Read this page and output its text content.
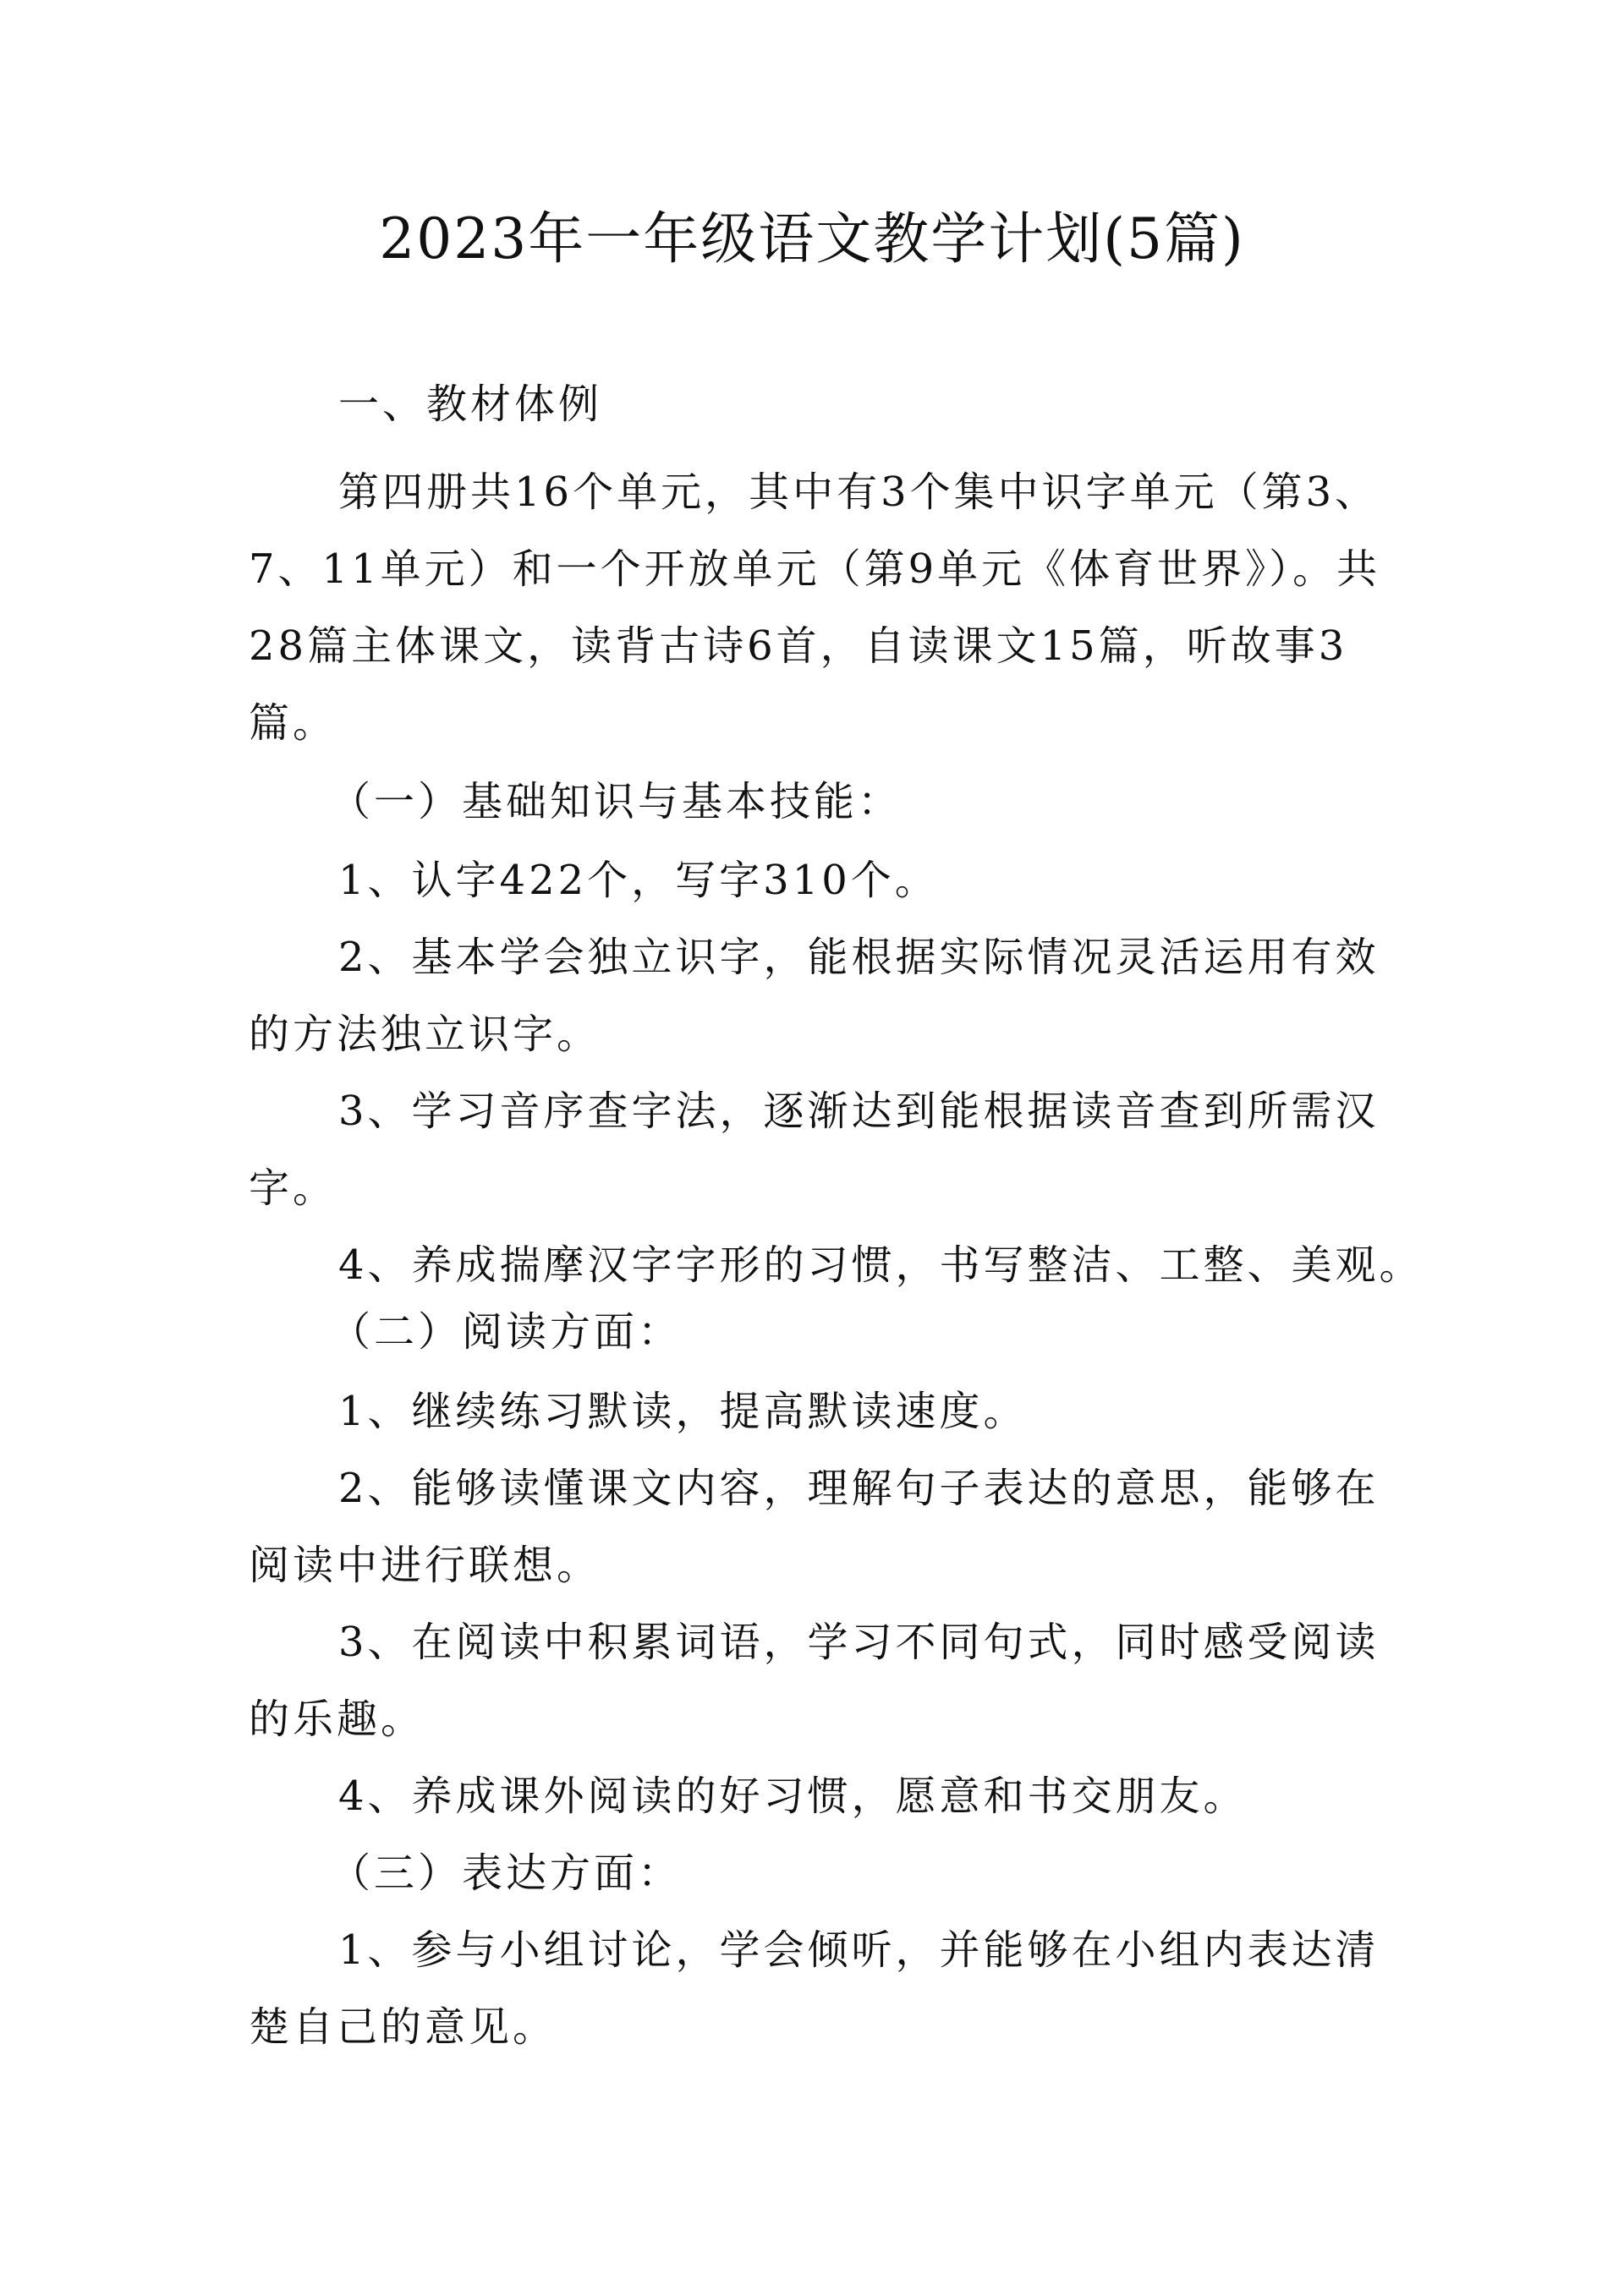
2023年一年级语文教学计划(5篇)
一、教材体例
第四册共16个单元，其中有3个集中识字单元（第3、
7、11单元）和一个开放单元（第9单元《体育世界》）。共
28篇主体课文，读背古诗6首，自读课文15篇，听故事3
篇。
（一）基础知识与基本技能：
1、认字422个，写字310个。
2、基本学会独立识字，能根据实际情况灵活运用有效
的方法独立识字。
3、学习音序查字法，逐渐达到能根据读音查到所需汉
字。
4、养成揣摩汉字字形的习惯，书写整洁、工整、美观。
（二）阅读方面：
1、继续练习默读，提高默读速度。
2、能够读懂课文内容，理解句子表达的意思，能够在
阅读中进行联想。
3、在阅读中积累词语，学习不同句式，同时感受阅读
的乐趣。
4、养成课外阅读的好习惯，愿意和书交朋友。
（三）表达方面：
1、参与小组讨论，学会倾听，并能够在小组内表达清
楚自己的意见。
